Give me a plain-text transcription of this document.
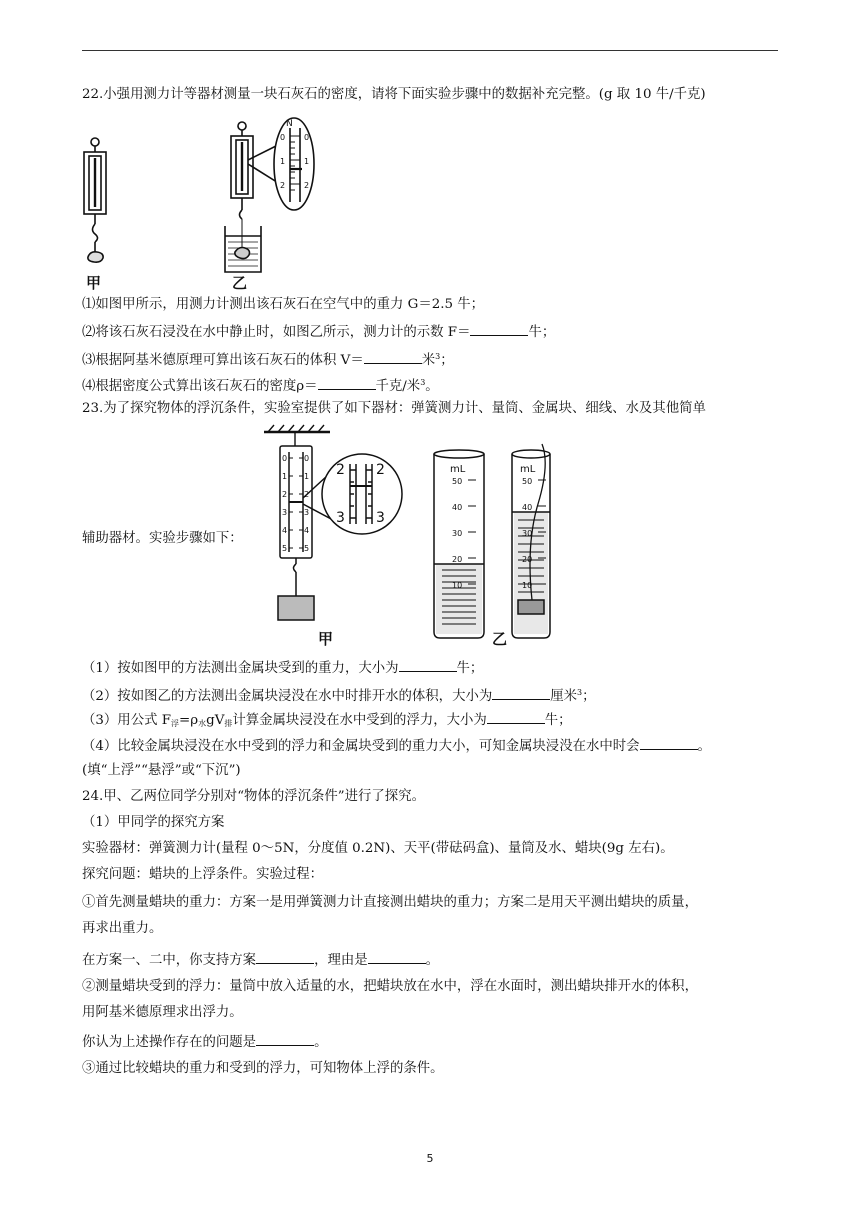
22.小强用测力计等器材测量一块石灰石的密度，请将下面实验步骤中的数据补充完整。(g 取 10 牛/千克)
N
0 0
1 1
2 2
甲	乙
⑴如图甲所示，用测力计测出该石灰石在空气中的重力 G＝2.5 牛；
⑵将该石灰石浸没在水中静止时，如图乙所示，测力计的示数 F＝	牛；
⑶根据阿基米德原理可算出该石灰石的体积 V＝	米$^3$；
⑷根据密度公式算出该石灰石的密度ρ＝	千克/米$^3$。
23.为了探究物体的浮沉条件，实验室提供了如下器材：弹簧测力计、量筒、金属块、细线、水及其他简单
0
1
2
3
4
5
0
1
2
3
4
5
2
3
2
3
mL
50
40
30
20
10
mL
50
40
30
20
10
辅助器材。实验步骤如下：
甲	乙
（1）按如图甲的方法测出金属块受到的重力，大小为	牛；
（2）按如图乙的方法测出金属块浸没在水中时排开水的体积，大小为	厘米$^3$；
（3）用公式 $F_浮=\rho_水gV_排$计算金属块浸没在水中受到的浮力，大小为	牛；
（4）比较金属块浸没在水中受到的浮力和金属块受到的重力大小，可知金属块浸没在水中时会	。
(填“上浮”“悬浮”或“下沉”)
24.甲、乙两位同学分别对“物体的浮沉条件”进行了探究。
（1）甲同学的探究方案
实验器材：弹簧测力计(量程 0～5N，分度值 0.2N)、天平(带砝码盒)、量筒及水、蜡块(9g 左右)。
探究问题：蜡块的上浮条件。实验过程：
①首先测量蜡块的重力：方案一是用弹簧测力计直接测出蜡块的重力；方案二是用天平测出蜡块的质量，
再求出重力。
在方案一、二中，你支持方案	，理由是	。
②测量蜡块受到的浮力：量筒中放入适量的水，把蜡块放在水中，浮在水面时，测出蜡块排开水的体积，
用阿基米德原理求出浮力。
你认为上述操作存在的问题是	。
③通过比较蜡块的重力和受到的浮力，可知物体上浮的条件。
5
